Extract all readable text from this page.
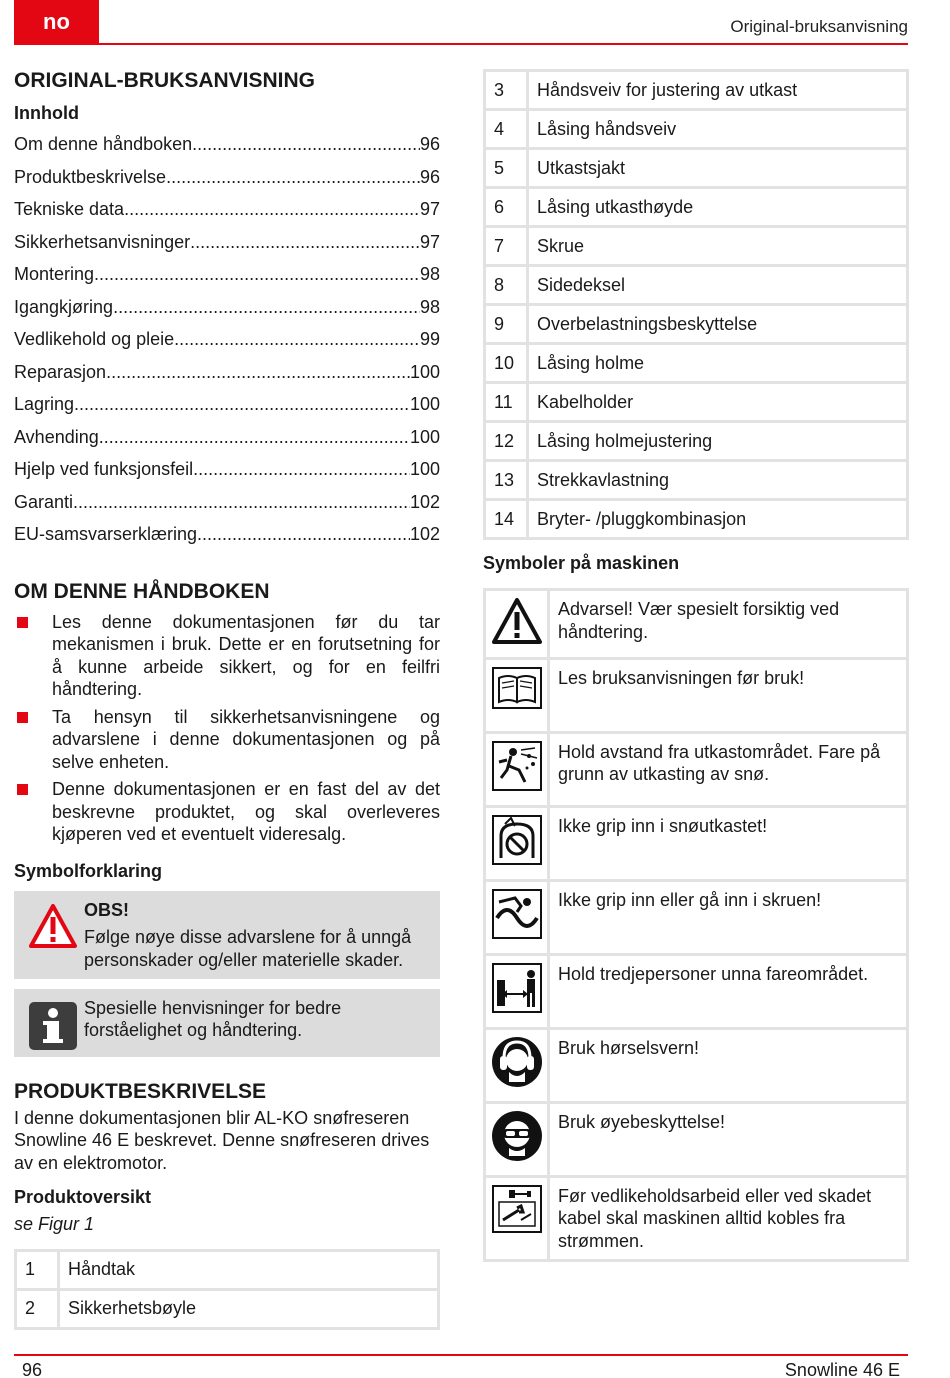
no	Original-bruksanvisning
ORIGINAL-BRUKSANVISNING
Innhold
Om denne håndboken .....	96
Produktbeskrivelse .....	96
Tekniske data .....	97
Sikkerhetsanvisninger .....	97
Montering .....	98
Igangkjøring .....	98
Vedlikehold og pleie .....	99
Reparasjon .....	100
Lagring .....	100
Avhending .....	100
Hjelp ved funksjonsfeil .....	100
Garanti .....	102
EU-samsvarserklæring .....	102
OM DENNE HÅNDBOKEN
Les denne dokumentasjonen før du tar mekanismen i bruk. Dette er en forutsetning for å kunne arbeide sikkert, og for en feilfri håndtering.
Ta hensyn til sikkerhetsanvisningene og advarslene i denne dokumentasjonen og på selve enheten.
Denne dokumentasjonen er en fast del av det beskrevne produktet, og skal overleveres kjøperen ved et eventuelt videresalg.
Symbolforklaring
OBS!
Følge nøye disse advarslene for å unngå personskader og/eller materielle skader.
Spesielle henvisninger for bedre forståelighet og håndtering.
PRODUKTBESKRIVELSE
I denne dokumentasjonen blir AL-KO snøfreseren Snowline 46 E beskrevet. Denne snøfreseren drives av en elektromotor.
Produktoversikt
se Figur 1
1	Håndtak
2	Sikkerhetsbøyle
3	Håndsveiv for justering av utkast
4	Låsing håndsveiv
5	Utkastsjakt
6	Låsing utkasthøyde
7	Skrue
8	Sidedeksel
9	Overbelastningsbeskyttelse
10	Låsing holme
11	Kabelholder
12	Låsing holmejustering
13	Strekkavlastning
14	Bryter- /pluggkombinasjon
Symboler på maskinen
	Advarsel! Vær spesielt forsiktig ved håndtering.
	Les bruksanvisningen før bruk!
	Hold avstand fra utkastområdet. Fare på grunn av utkasting av snø.
	Ikke grip inn i snøutkastet!
	Ikke grip inn eller gå inn i skruen!
	Hold tredjepersoner unna fareområdet.
	Bruk hørselsvern!
	Bruk øyebeskyttelse!
	Før vedlikeholdsarbeid eller ved skadet kabel skal maskinen alltid kobles fra strømmen.
96	Snowline 46 E
